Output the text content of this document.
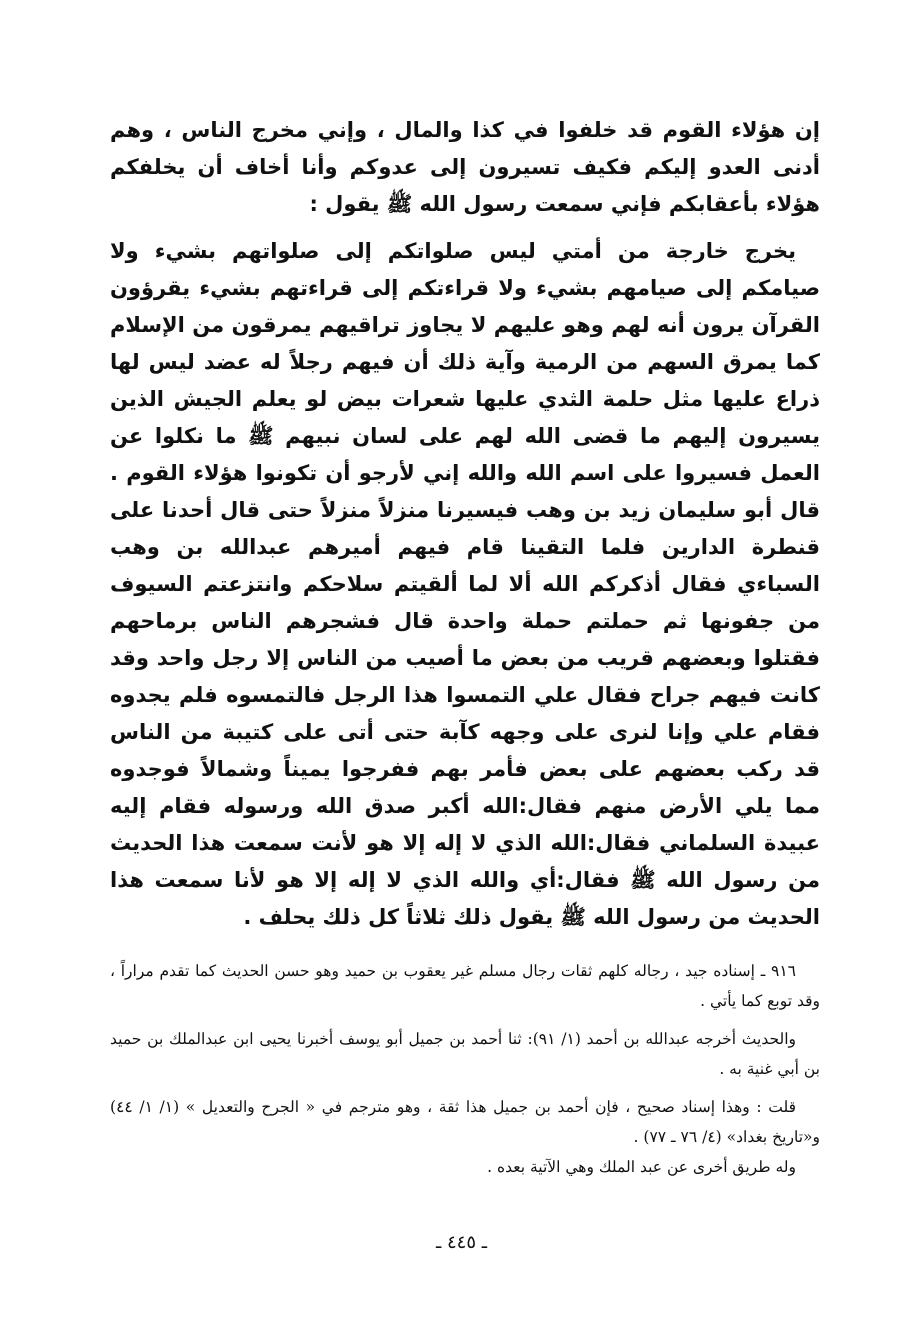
إن هؤلاء القوم قد خلفوا في كذا والمال ، وإني مخرج الناس ، وهم أدنى العدو إليكم فكيف تسيرون إلى عدوكم وأنا أخاف أن يخلفكم هؤلاء بأعقابكم فإني سمعت رسول الله ﷺ يقول :

يخرج خارجة من أمتي ليس صلواتكم إلى صلواتهم بشيء ولا صيامكم إلى صيامهم بشيء ولا قراءتكم إلى قراءتهم بشيء يقرؤون القرآن يرون أنه لهم وهو عليهم لا يجاوز تراقيهم يمرقون من الإسلام كما يمرق السهم من الرمية وآية ذلك أن فيهم رجلاً له عضد ليس لها ذراع عليها مثل حلمة الثدي عليها شعرات بيض لو يعلم الجيش الذين يسيرون إليهم ما قضى الله لهم على لسان نبيهم ﷺ ما نكلوا عن العمل فسيروا على اسم الله والله إني لأرجو أن تكونوا هؤلاء القوم . قال أبو سليمان زيد بن وهب فيسيرنا منزلاً منزلاً حتى قال أحدنا على قنطرة الدارين فلما التقينا قام فيهم أميرهم عبدالله بن وهب السباءي فقال أذكركم الله ألا لما ألقيتم سلاحكم وانتزعتم السيوف من جفونها ثم حملتم حملة واحدة قال فشجرهم الناس برماحهم فقتلوا وبعضهم قريب من بعض ما أصيب من الناس إلا رجل واحد وقد كانت فيهم جراح فقال علي التمسوا هذا الرجل فالتمسوه فلم يجدوه فقام علي وإنا لنرى على وجهه كآبة حتى أتى على كتيبة من الناس قد ركب بعضهم على بعض فأمر بهم ففرجوا يميناً وشمالاً فوجدوه مما يلي الأرض منهم فقال:الله أكبر صدق الله ورسوله فقام إليه عبيدة السلماني فقال:الله الذي لا إله إلا هو لأنت سمعت هذا الحديث من رسول الله ﷺ فقال:أي والله الذي لا إله إلا هو لأنا سمعت هذا الحديث من رسول الله ﷺ يقول ذلك ثلاثاً كل ذلك يحلف .

٩١٦ ـ إسناده جيد ، رجاله كلهم ثقات رجال مسلم غير يعقوب بن حميد وهو حسن الحديث كما تقدم مراراً ، وقد توبع كما يأتي .

والحديث أخرجه عبدالله بن أحمد (١/ ٩١): ثنا أحمد بن جميل أبو يوسف أخبرنا يحيى ابن عبدالملك بن حميد بن أبي غنية به .

قلت : وهذا إسناد صحيح ، فإن أحمد بن جميل هذا ثقة ، وهو مترجم في « الجرح والتعديل » (١/ ١/ ٤٤) و«تاريخ بغداد» (٤/ ٧٦ ـ ٧٧) .

وله طريق أخرى عن عبد الملك وهي الآتية بعده .

ـ ٤٤٥ ـ
